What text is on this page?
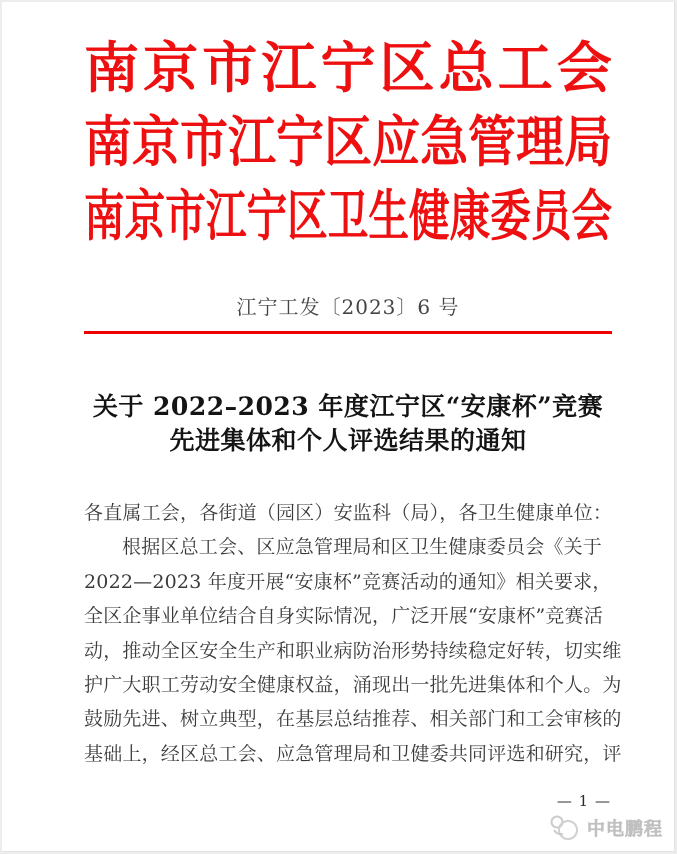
南 京 市 江 宁 区 总 工 会
南 京 市 江 宁 区 应 急 管 理 局
南 京 市 江 宁 区 卫 生 健 康 委 员 会
江宁工发〔2023〕6 号
关于 2022–2023 年度江宁区“安康杯”竞赛
先进集体和个人评选结果的通知
各直属工会，各街道（园区）安监科（局），各卫生健康单位：
根据区总工会、区应急管理局和区卫生健康委员会《关于
2022—2023 年度开展“安康杯”竞赛活动的通知》相关要求，
全区企事业单位结合自身实际情况，广泛开展“安康杯”竞赛活
动，推动全区安全生产和职业病防治形势持续稳定好转，切实维
护广大职工劳动安全健康权益，涌现出一批先进集体和个人。为
鼓励先进、树立典型，在基层总结推荐、相关部门和工会审核的
基础上，经区总工会、应急管理局和卫健委共同评选和研究，评
— 1 —
中电鹏程
